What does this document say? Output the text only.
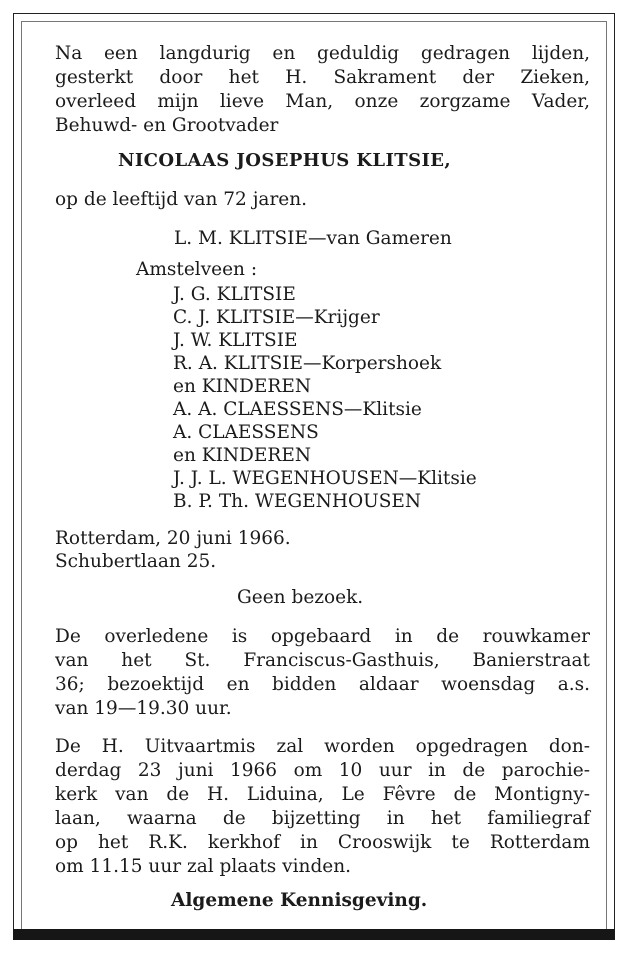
Na een langdurig en geduldig gedragen lijden,
gesterkt door het H. Sakrament der Zieken,
overleed mijn lieve Man, onze zorgzame Vader,
Behuwd- en Grootvader
NICOLAAS JOSEPHUS KLITSIE,
op de leeftijd van 72 jaren.
L. M. KLITSIE—van Gameren
Amstelveen :
J. G. KLITSIE
C. J. KLITSIE—Krijger
J. W. KLITSIE
R. A. KLITSIE—Korpershoek
en KINDEREN
A. A. CLAESSENS—Klitsie
A. CLAESSENS
en KINDEREN
J. J. L. WEGENHOUSEN—Klitsie
B. P. Th. WEGENHOUSEN
Rotterdam, 20 juni 1966.
Schubertlaan 25.
Geen bezoek.
De overledene is opgebaard in de rouwkamer
van het St. Franciscus-Gasthuis, Banierstraat
36; bezoektijd en bidden aldaar woensdag a.s.
van 19—19.30 uur.
De H. Uitvaartmis zal worden opgedragen don-
derdag 23 juni 1966 om 10 uur in de parochie-
kerk van de H. Liduina, Le Fêvre de Montigny-
laan, waarna de bijzetting in het familiegraf
op het R.K. kerkhof in Crooswijk te Rotterdam
om 11.15 uur zal plaats vinden.
Algemene Kennisgeving.
